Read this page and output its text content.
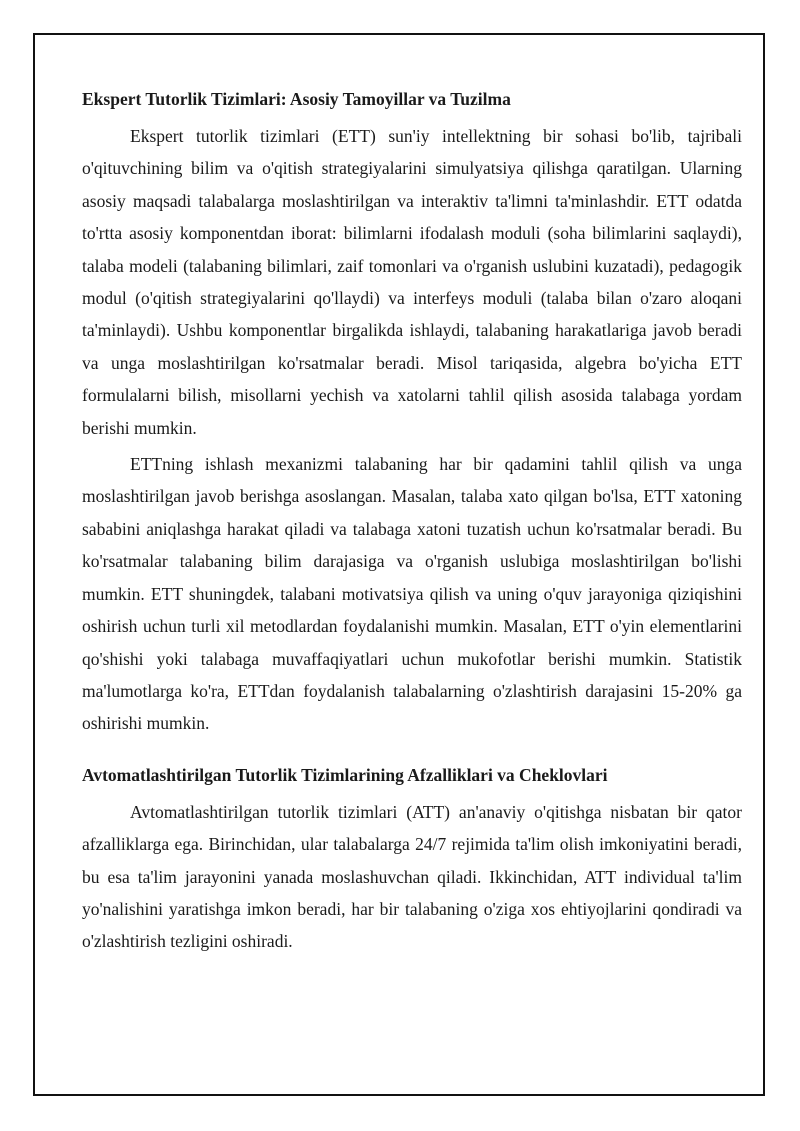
Ekspert Tutorlik Tizimlari: Asosiy Tamoyillar va Tuzilma

Ekspert tutorlik tizimlari (ETT) sun'iy intellektning bir sohasi bo'lib, tajribali o'qituvchining bilim va o'qitish strategiyalarini simulyatsiya qilishga qaratilgan. Ularning asosiy maqsadi talabalarga moslashtirilgan va interaktiv ta'limni ta'minlashdir. ETT odatda to'rtta asosiy komponentdan iborat: bilimlarni ifodalash moduli (soha bilimlarini saqlaydi), talaba modeli (talabaning bilimlari, zaif tomonlari va o'rganish uslubini kuzatadi), pedagogik modul (o'qitish strategiyalarini qo'llaydi) va interfeys moduli (talaba bilan o'zaro aloqani ta'minlaydi). Ushbu komponentlar birgalikda ishlaydi, talabaning harakatlariga javob beradi va unga moslashtirilgan ko'rsatmalar beradi. Misol tariqasida, algebra bo'yicha ETT formulalarni bilish, misollarni yechish va xatolarni tahlil qilish asosida talabaga yordam berishi mumkin.

ETTning ishlash mexanizmi talabaning har bir qadamini tahlil qilish va unga moslashtirilgan javob berishga asoslangan. Masalan, talaba xato qilgan bo'lsa, ETT xatoning sababini aniqlashga harakat qiladi va talabaga xatoni tuzatish uchun ko'rsatmalar beradi. Bu ko'rsatmalar talabaning bilim darajasiga va o'rganish uslubiga moslashtirilgan bo'lishi mumkin. ETT shuningdek, talabani motivatsiya qilish va uning o'quv jarayoniga qiziqishini oshirish uchun turli xil metodlardan foydalanishi mumkin. Masalan, ETT o'yin elementlarini qo'shishi yoki talabaga muvaffaqiyatlari uchun mukofotlar berishi mumkin. Statistik ma'lumotlarga ko'ra, ETTdan foydalanish talabalarning o'zlashtirish darajasini 15-20% ga oshirishi mumkin.

Avtomatlashtirilgan Tutorlik Tizimlarining Afzalliklari va Cheklovlari

Avtomatlashtirilgan tutorlik tizimlari (ATT) an'anaviy o'qitishga nisbatan bir qator afzalliklarga ega. Birinchidan, ular talabalarga 24/7 rejimida ta'lim olish imkoniyatini beradi, bu esa ta'lim jarayonini yanada moslashuvchan qiladi. Ikkinchidan, ATT individual ta'lim yo'nalishini yaratishga imkon beradi, har bir talabaning o'ziga xos ehtiyojlarini qondiradi va o'zlashtirish tezligini oshiradi.
